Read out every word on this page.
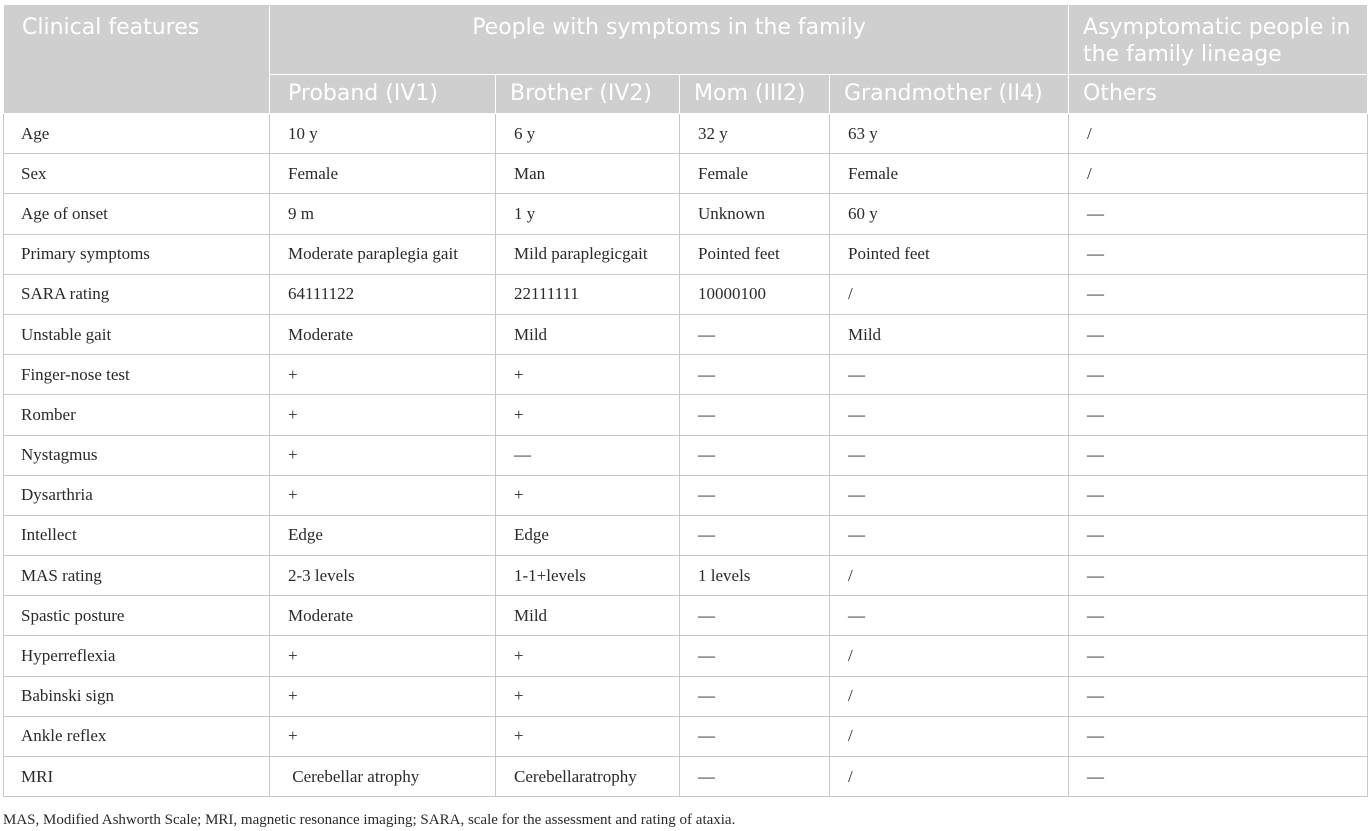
Clinical features	People with symptoms in the family				Asymptomatic people in the family lineage
	Proband (IV1)	Brother (IV2)	Mom (III2)	Grandmother (II4)	Others
Age	10 y	6 y	32 y	63 y	/
Sex	Female	Man	Female	Female	/
Age of onset	9 m	1 y	Unknown	60 y	—
Primary symptoms	Moderate paraplegia gait	Mild paraplegicgait	Pointed feet	Pointed feet	—
SARA rating	64111122	22111111	10000100	/	—
Unstable gait	Moderate	Mild	—	Mild	—
Finger-nose test	+	+	—	—	—
Romber	+	+	—	—	—
Nystagmus	+	—	—	—	—
Dysarthria	+	+	—	—	—
Intellect	Edge	Edge	—	—	—
MAS rating	2-3 levels	1-1+levels	1 levels	/	—
Spastic posture	Moderate	Mild	—	—	—
Hyperreflexia	+	+	—	/	—
Babinski sign	+	+	—	/	—
Ankle reflex	+	+	—	/	—
MRI	Cerebellar atrophy	Cerebellaratrophy	—	/	—
MAS, Modified Ashworth Scale; MRI, magnetic resonance imaging; SARA, scale for the assessment and rating of ataxia.
